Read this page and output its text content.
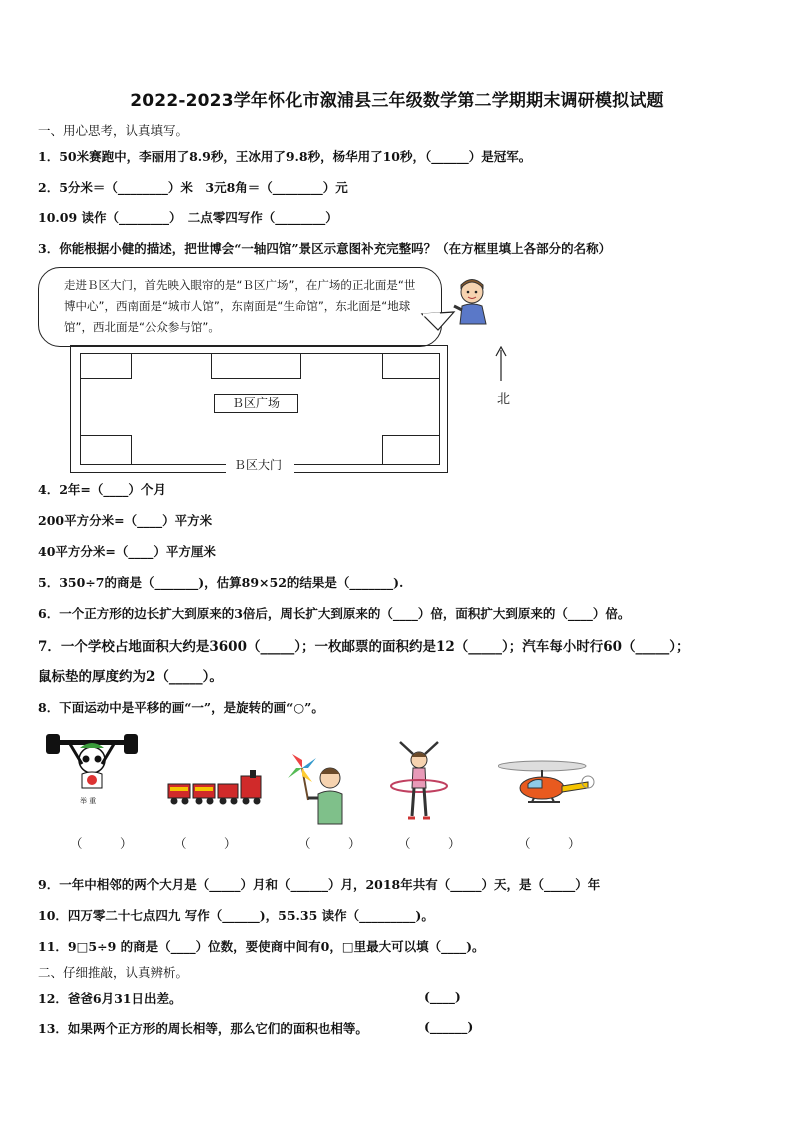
2022-2023学年怀化市溆浦县三年级数学第二学期期末调研模拟试题
一、用心思考，认真填写。
1．50米赛跑中，李丽用了8.9秒，王冰用了9.8秒，杨华用了10秒，（______）是冠军。
2．5分米＝（________）米　3元8角＝（________）元
10.09 读作（________）　二点零四写作（________）
3．你能根据小健的描述，把世博会“一轴四馆”景区示意图补充完整吗？（在方框里填上各部分的名称）
走进Ｂ区大门，首先映入眼帘的是“Ｂ区广场”，在广场的正北面是“世博中心”，西南面是“城市人馆”，东南面是“生命馆”，东北面是“地球馆”，西北面是“公众参与馆”。
Ｂ区广场
Ｂ区大门
北
4．2年=（____）个月
200平方分米=（____）平方米
40平方分米=（____）平方厘米
5．350÷7的商是（_______)，估算89×52的结果是（_______).
6．一个正方形的边长扩大到原来的3倍后，周长扩大到原来的（____）倍，面积扩大到原来的（____）倍。
7．一个学校占地面积大约是3600（_____）；一枚邮票的面积约是12（_____）；汽车每小时行60（_____）；
鼠标垫的厚度约为2（_____）。
8．下面运动中是平移的画“一”，是旋转的画“○”。
举 重
（　　　）	（　　　）	（　　　）	（　　　）	（　　　）
9．一年中相邻的两个大月是（_____）月和（______）月，2018年共有（_____）天，是（_____）年
10．四万零二十七点四九 写作（______)，55.35 读作（_________)。
11．9□5÷9 的商是（____）位数，要使商中间有0，□里最大可以填（____)。
二、仔细推敲，认真辨析。
12．爸爸6月31日出差。	(____)
13．如果两个正方形的周长相等，那么它们的面积也相等。	(______)
